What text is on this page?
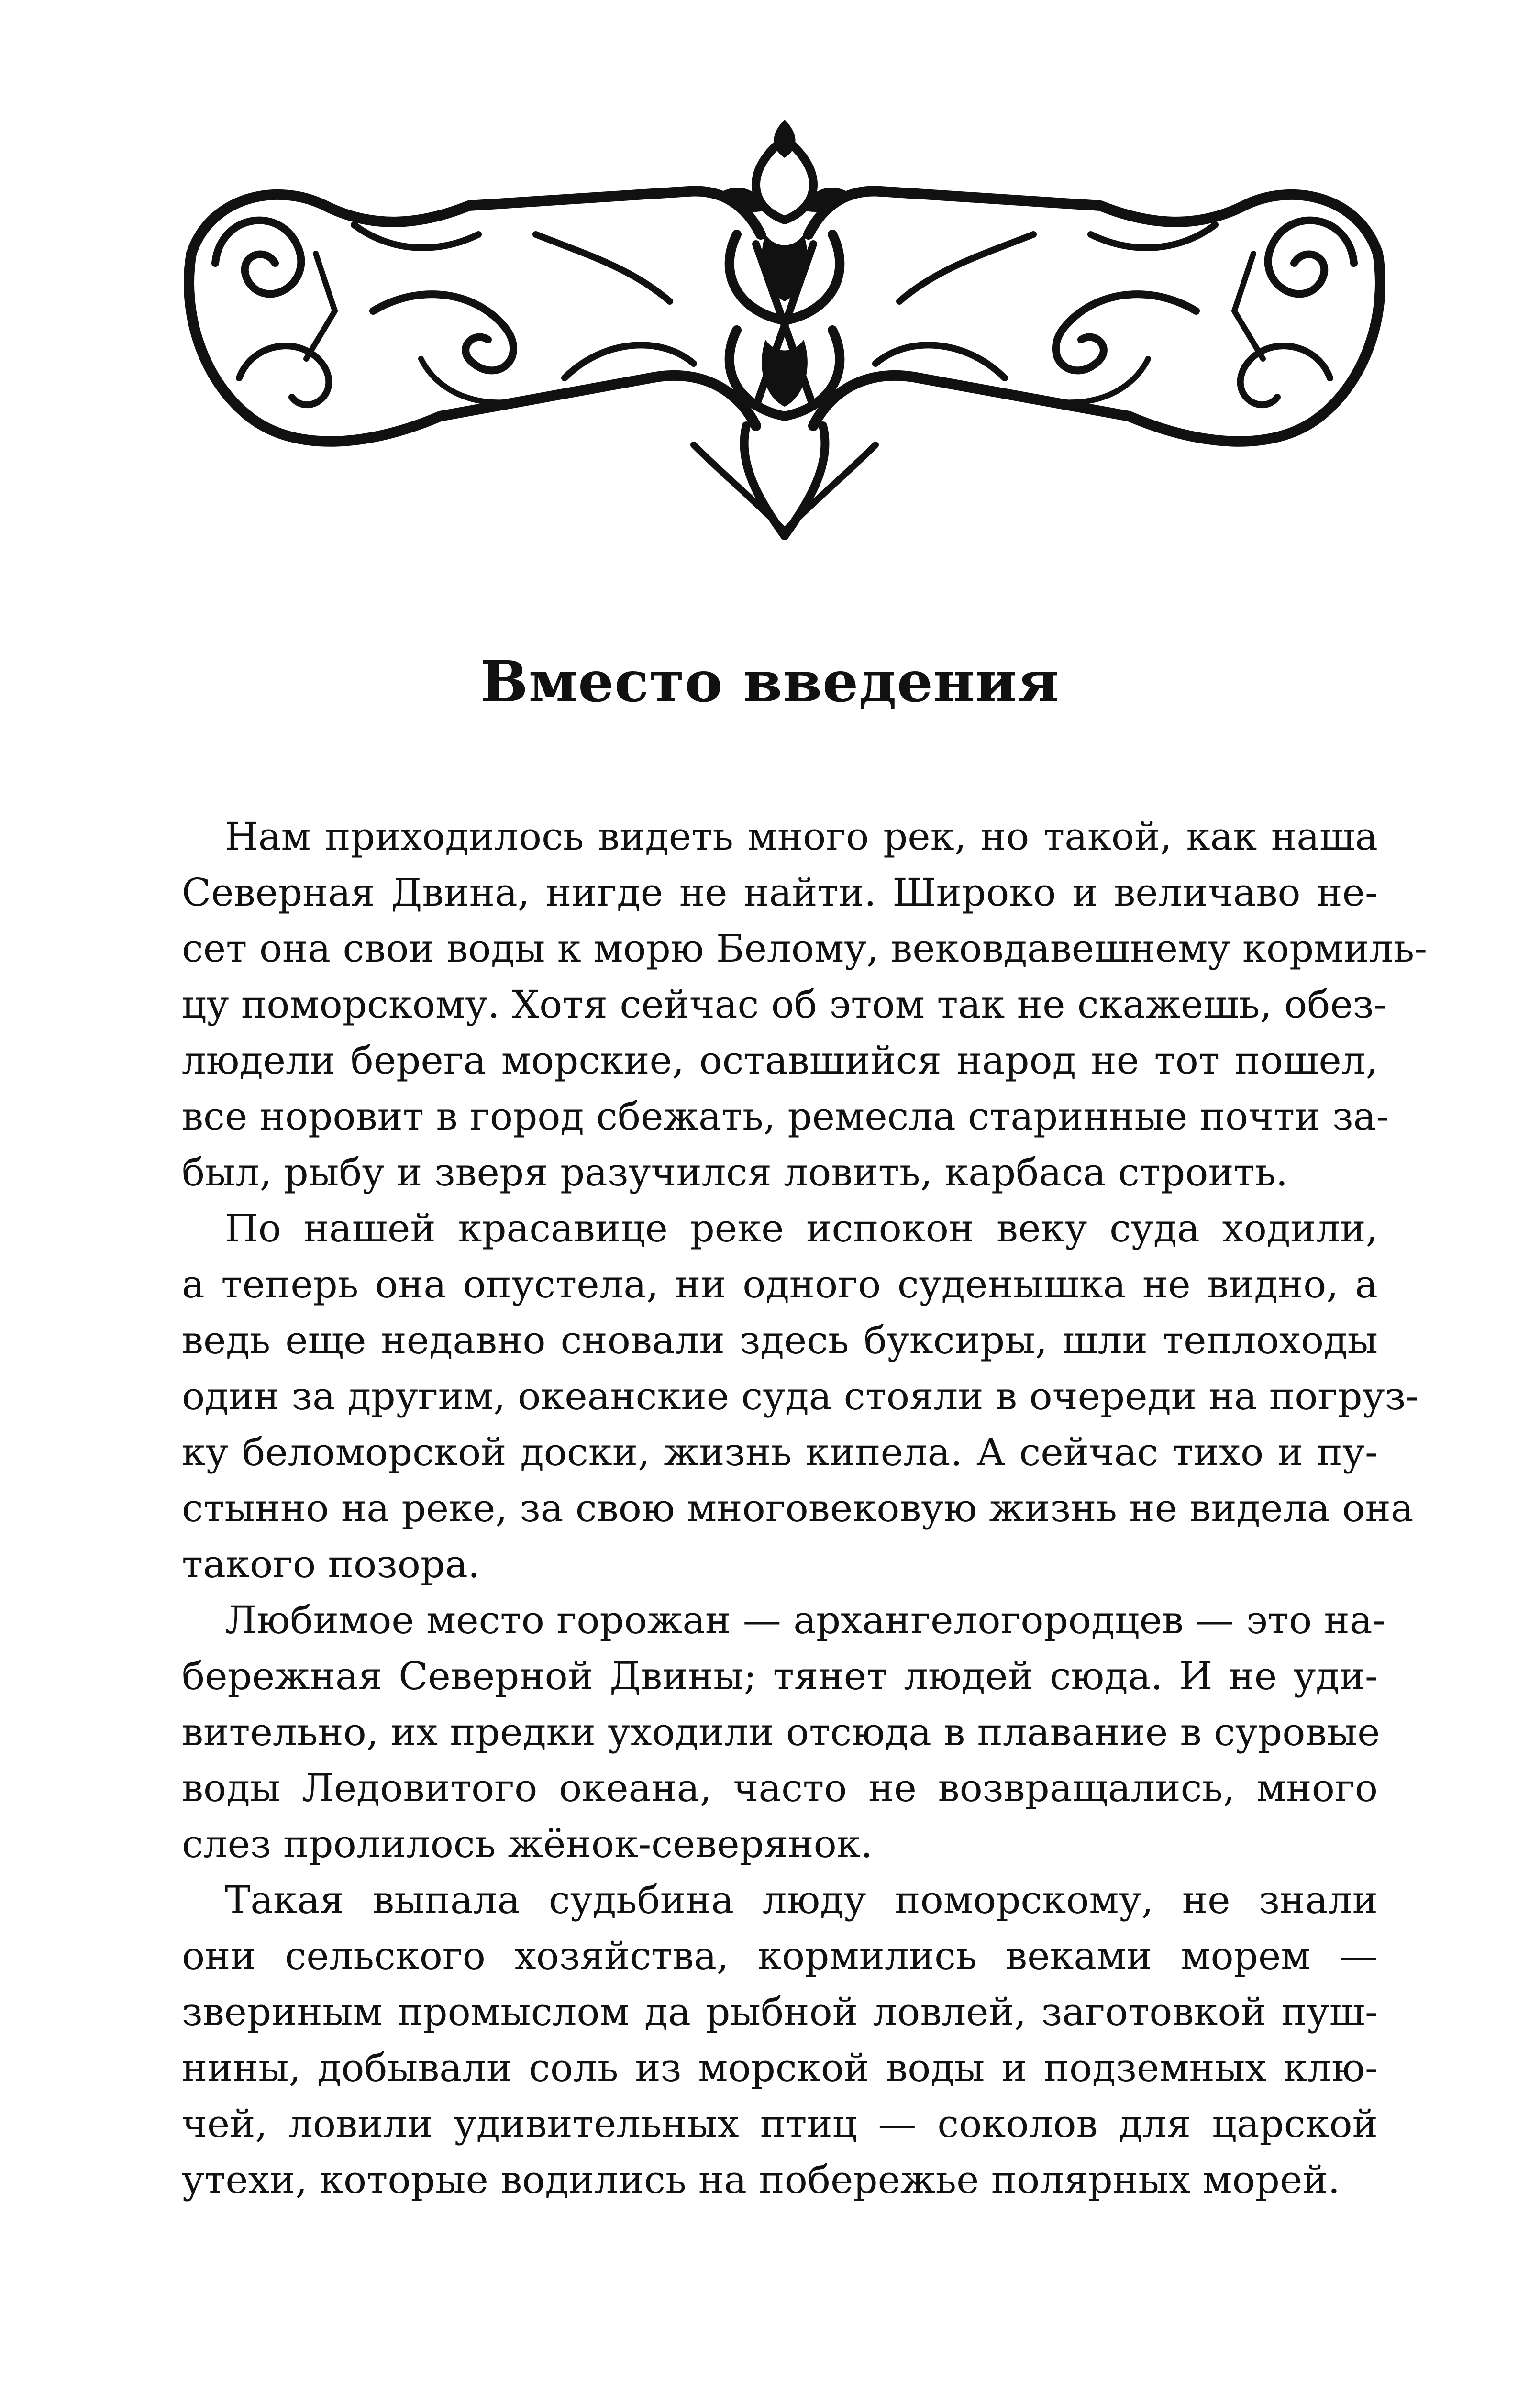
Вместо введения

Нам приходилось видеть много рек, но такой, как наша
Северная Двина, нигде не найти. Широко и величаво не-
сет она свои воды к морю Белому, вековдавешнему кормиль-
цу поморскому. Хотя сейчас об этом так не скажешь, обез-
людели берега морские, оставшийся народ не тот пошел,
все норовит в город сбежать, ремесла старинные почти за-
был, рыбу и зверя разучился ловить, карбаса строить.

По нашей красавице реке испокон веку суда ходили,
а теперь она опустела, ни одного суденышка не видно, а
ведь еще недавно сновали здесь буксиры, шли теплоходы
один за другим, океанские суда стояли в очереди на погруз-
ку беломорской доски, жизнь кипела. А сейчас тихо и пу-
стынно на реке, за свою многовековую жизнь не видела она
такого позора.

Любимое место горожан — архангелогородцев — это на-
бережная Северной Двины; тянет людей сюда. И не уди-
вительно, их предки уходили отсюда в плавание в суровые
воды Ледовитого океана, часто не возвращались, много
слез пролилось жёнок-северянок.

Такая выпала судьбина люду поморскому, не знали
они сельского хозяйства, кормились веками морем —
звериным промыслом да рыбной ловлей, заготовкой пуш-
нины, добывали соль из морской воды и подземных клю-
чей, ловили удивительных птиц — соколов для царской
утехи, которые водились на побережье полярных морей.
